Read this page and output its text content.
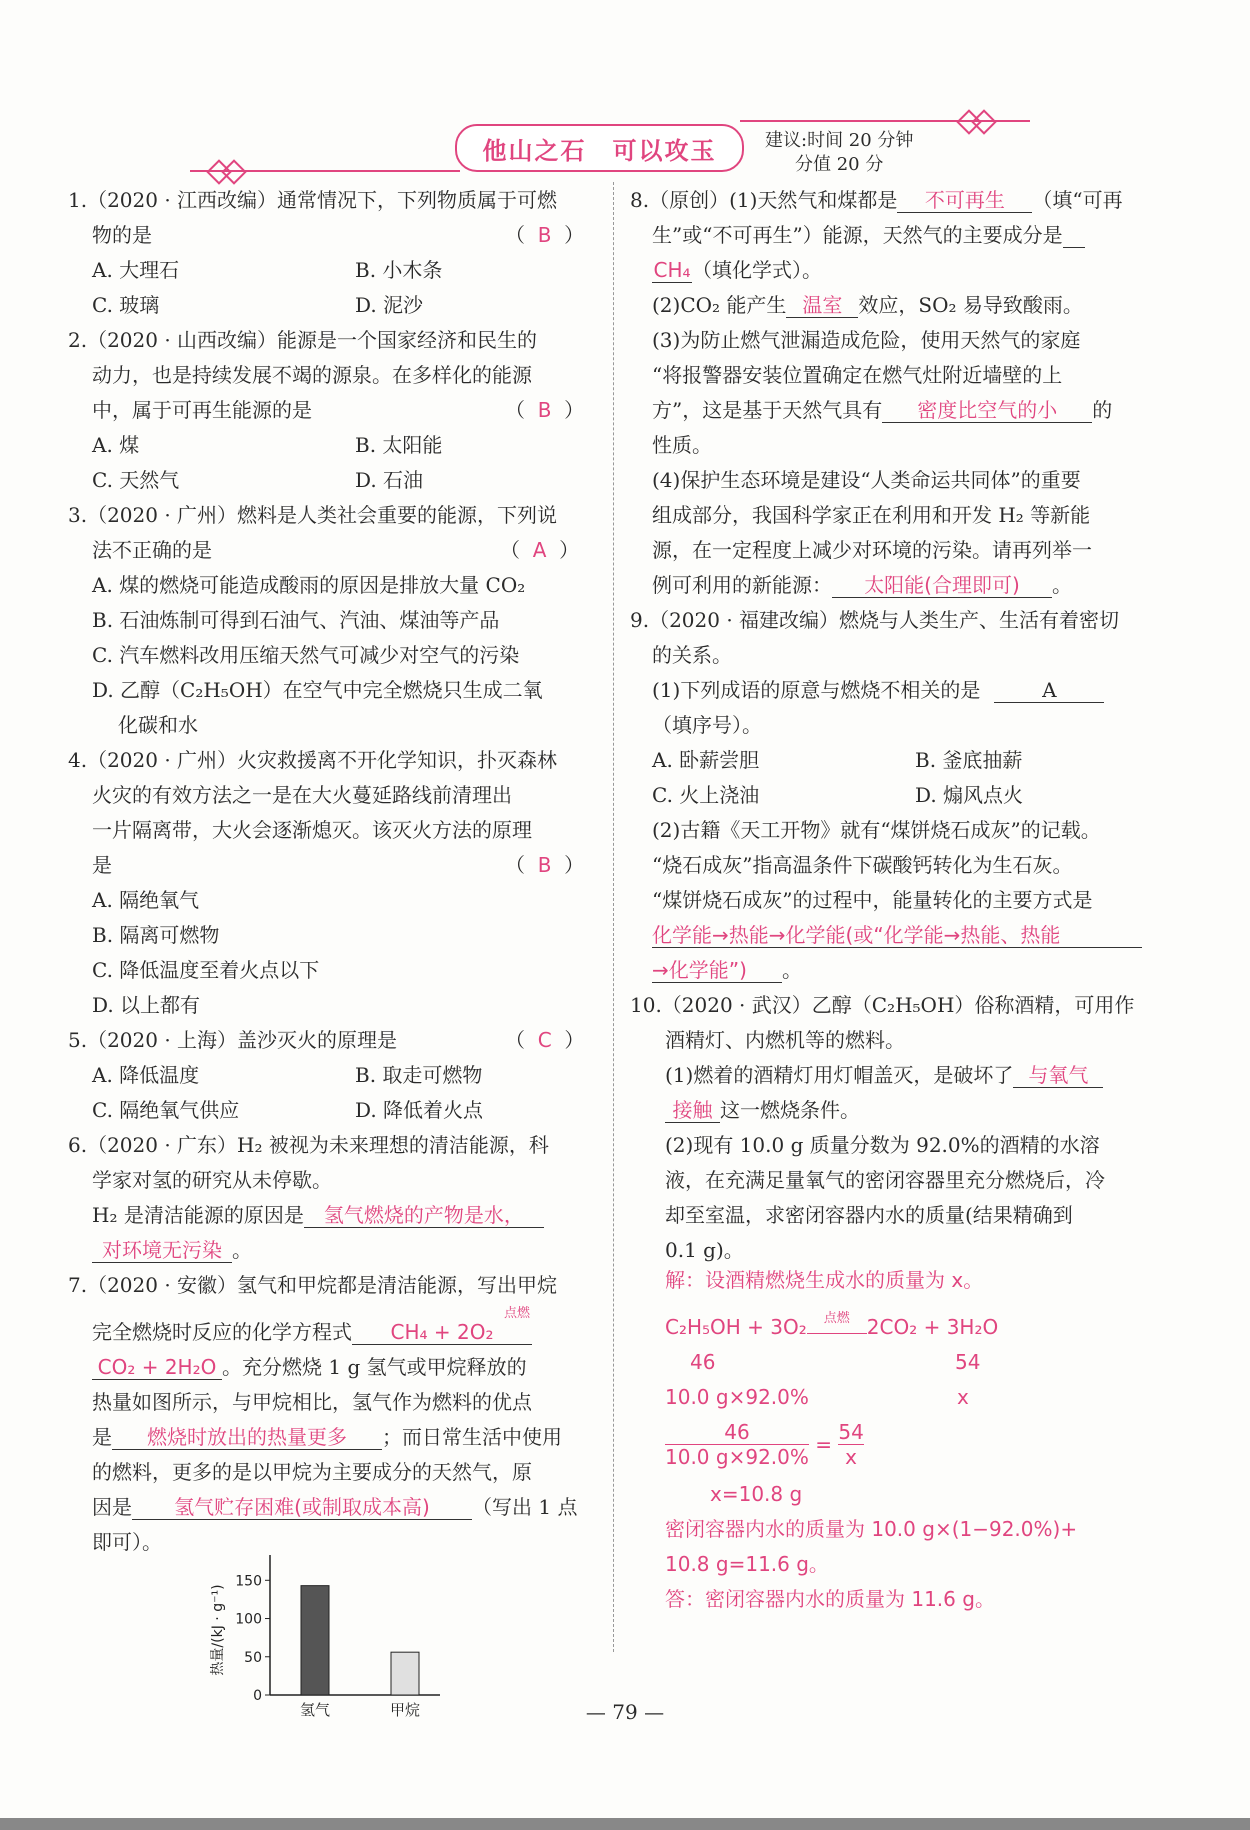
他山之石　可以攻玉	建议:时间 20 分钟
分值 20 分
1.（2020 · 江西改编）通常情况下，下列物质属于可燃
物的是	（  B  ）
A. 大理石	B. 小木条
C. 玻璃	D. 泥沙
2.（2020 · 山西改编）能源是一个国家经济和民生的
动力，也是持续发展不竭的源泉。在多样化的能源
中，属于可再生能源的是	（  B  ）
A. 煤	B. 太阳能
C. 天然气	D. 石油
3.（2020 · 广州）燃料是人类社会重要的能源，下列说
法不正确的是	（  A  ）
A. 煤的燃烧可能造成酸雨的原因是排放大量 CO₂
B. 石油炼制可得到石油气、汽油、煤油等产品
C. 汽车燃料改用压缩天然气可减少对空气的污染
D. 乙醇（C₂H₅OH）在空气中完全燃烧只生成二氧
化碳和水
4.（2020 · 广州）火灾救援离不开化学知识，扑灭森林
火灾的有效方法之一是在大火蔓延路线前清理出
一片隔离带，大火会逐渐熄灭。该灭火方法的原理
是	（  B  ）
A. 隔绝氧气
B. 隔离可燃物
C. 降低温度至着火点以下
D. 以上都有
5.（2020 · 上海）盖沙灭火的原理是	（  C  ）
A. 降低温度	B. 取走可燃物
C. 隔绝氧气供应	D. 降低着火点
6.（2020 · 广东）H₂ 被视为未来理想的清洁能源，科
学家对氢的研究从未停歇。
H₂ 是清洁能源的原因是 氢气燃烧的产物是水，
对环境无污染 。
7.（2020 · 安徽）氢气和甲烷都是清洁能源，写出甲烷
完全燃烧时反应的化学方程式 CH₄ + 2O₂
点燃
CO₂ + 2H₂O 。充分燃烧 1 g 氢气或甲烷释放的
热量如图所示，与甲烷相比，氢气作为燃料的优点
是 燃烧时放出的热量更多 ；而日常生活中使用
的燃料，更多的是以甲烷为主要成分的天然气，原
因是 氢气贮存困难(或制取成本高) （写出 1 点
即可）。
0
50
100
150
热量/(kJ · g⁻¹)
氢气	甲烷
8.（原创）(1)天然气和煤都是 不可再生 （填“可再
生”或“不可再生”）能源，天然气的主要成分是
CH₄（填化学式）。
(2)CO₂ 能产生 温室 效应，SO₂ 易导致酸雨。
(3)为防止燃气泄漏造成危险，使用天然气的家庭
“将报警器安装位置确定在燃气灶附近墙壁的上
方”，这是基于天然气具有 密度比空气的小 的
性质。
(4)保护生态环境是建设“人类命运共同体”的重要
组成部分，我国科学家正在利用和开发 H₂ 等新能
源，在一定程度上减少对环境的污染。请再列举一
例可利用的新能源： 太阳能(合理即可) 。
9.（2020 · 福建改编）燃烧与人类生产、生活有着密切
的关系。
(1)下列成语的原意与燃烧不相关的是	A
（填序号）。
A. 卧薪尝胆	B. 釜底抽薪
C. 火上浇油	D. 煽风点火
(2)古籍《天工开物》就有“煤饼烧石成灰”的记载。
“烧石成灰”指高温条件下碳酸钙转化为生石灰。
“煤饼烧石成灰”的过程中，能量转化的主要方式是
化学能→热能→化学能(或“化学能→热能、热能
→化学能”) 。
10.（2020 · 武汉）乙醇（C₂H₅OH）俗称酒精，可用作
酒精灯、内燃机等的燃料。
(1)燃着的酒精灯用灯帽盖灭，是破坏了 与氧气
接触 这一燃烧条件。
(2)现有 10.0 g 质量分数为 92.0%的酒精的水溶
液，在充满足量氧气的密闭容器里充分燃烧后，冷
却至室温，求密闭容器内水的质量(结果精确到
0.1 g)。
解：设酒精燃烧生成水的质量为 x。
C₂H₅OH + 3O₂	点燃 2CO₂ + 3H₂O
46	54
10.0 g×92.0%	x
$\frac{46}{10.0 g\times 92.0\%} = \frac{54}{x}$
x=10.8 g
密闭容器内水的质量为 10.0 g×(1−92.0%)+
10.8 g=11.6 g。
答：密闭容器内水的质量为 11.6 g。
— 79 —
